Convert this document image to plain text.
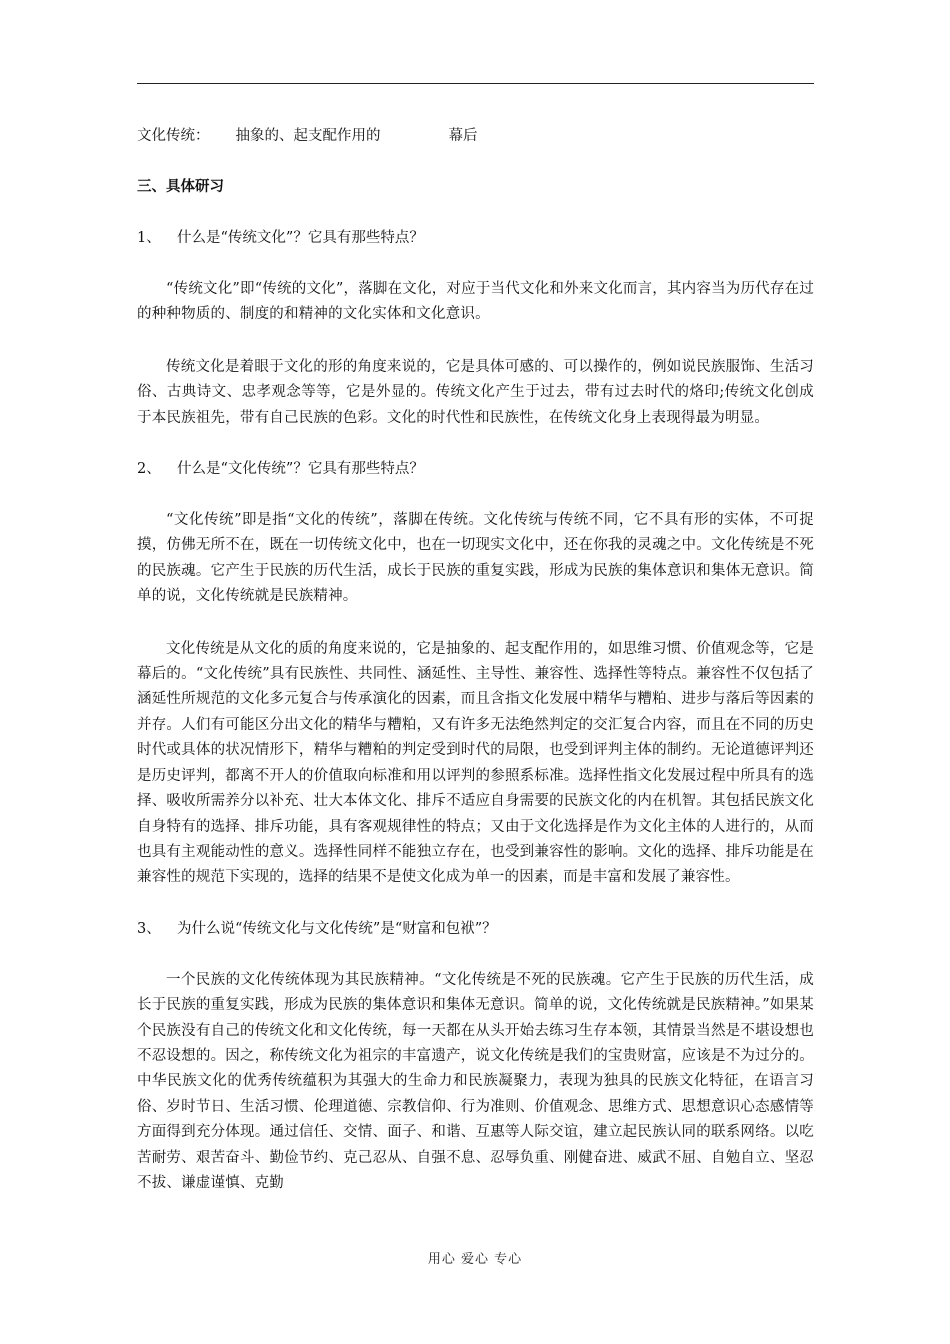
文化传统： 抽象的、起支配作用的	幕后
三、具体研习
1、 什么是“传统文化”？它具有那些特点？

“传统文化”即“传统的文化”，落脚在文化，对应于当代文化和外来文化而言，其内容当为历代存在过的种种物质的、制度的和精神的文化实体和文化意识。

传统文化是着眼于文化的形的角度来说的，它是具体可感的、可以操作的，例如说民族服饰、生活习俗、古典诗文、忠孝观念等等，它是外显的。传统文化产生于过去，带有过去时代的烙印;传统文化创成于本民族祖先，带有自己民族的色彩。文化的时代性和民族性，在传统文化身上表现得最为明显。

2、 什么是“文化传统”？它具有那些特点？

“文化传统”即是指“文化的传统”，落脚在传统。文化传统与传统不同，它不具有形的实体，不可捉摸，仿佛无所不在，既在一切传统文化中，也在一切现实文化中，还在你我的灵魂之中。文化传统是不死的民族魂。它产生于民族的历代生活，成长于民族的重复实践，形成为民族的集体意识和集体无意识。简单的说，文化传统就是民族精神。

文化传统是从文化的质的角度来说的，它是抽象的、起支配作用的，如思维习惯、价值观念等，它是幕后的。“文化传统”具有民族性、共同性、涵延性、主导性、兼容性、选择性等特点。兼容性不仅包括了涵延性所规范的文化多元复合与传承演化的因素，而且含指文化发展中精华与糟粕、进步与落后等因素的并存。人们有可能区分出文化的精华与糟粕，又有许多无法绝然判定的交汇复合内容，而且在不同的历史时代或具体的状况情形下，精华与糟粕的判定受到时代的局限，也受到评判主体的制约。无论道德评判还是历史评判，都离不开人的价值取向标准和用以评判的参照系标准。选择性指文化发展过程中所具有的选择、吸收所需养分以补充、壮大本体文化、排斥不适应自身需要的民族文化的内在机智。其包括民族文化自身特有的选择、排斥功能，具有客观规律性的特点；又由于文化选择是作为文化主体的人进行的，从而也具有主观能动性的意义。选择性同样不能独立存在，也受到兼容性的影响。文化的选择、排斥功能是在兼容性的规范下实现的，选择的结果不是使文化成为单一的因素，而是丰富和发展了兼容性。

3、 为什么说“传统文化与文化传统”是“财富和包袱”？

一个民族的文化传统体现为其民族精神。“文化传统是不死的民族魂。它产生于民族的历代生活，成长于民族的重复实践，形成为民族的集体意识和集体无意识。简单的说，文化传统就是民族精神。”如果某个民族没有自己的传统文化和文化传统，每一天都在从头开始去练习生存本领，其情景当然是不堪设想也不忍设想的。因之，称传统文化为祖宗的丰富遗产，说文化传统是我们的宝贵财富，应该是不为过分的。中华民族文化的优秀传统蕴积为其强大的生命力和民族凝聚力，表现为独具的民族文化特征，在语言习俗、岁时节日、生活习惯、伦理道德、宗教信仰、行为准则、价值观念、思维方式、思想意识心态感情等方面得到充分体现。通过信任、交情、面子、和谐、互惠等人际交谊，建立起民族认同的联系网络。以吃苦耐劳、艰苦奋斗、勤俭节约、克己忍从、自强不息、忍辱负重、刚健奋进、威武不屈、自勉自立、坚忍不拔、谦虚谨慎、克勤

用心 爱心 专心
